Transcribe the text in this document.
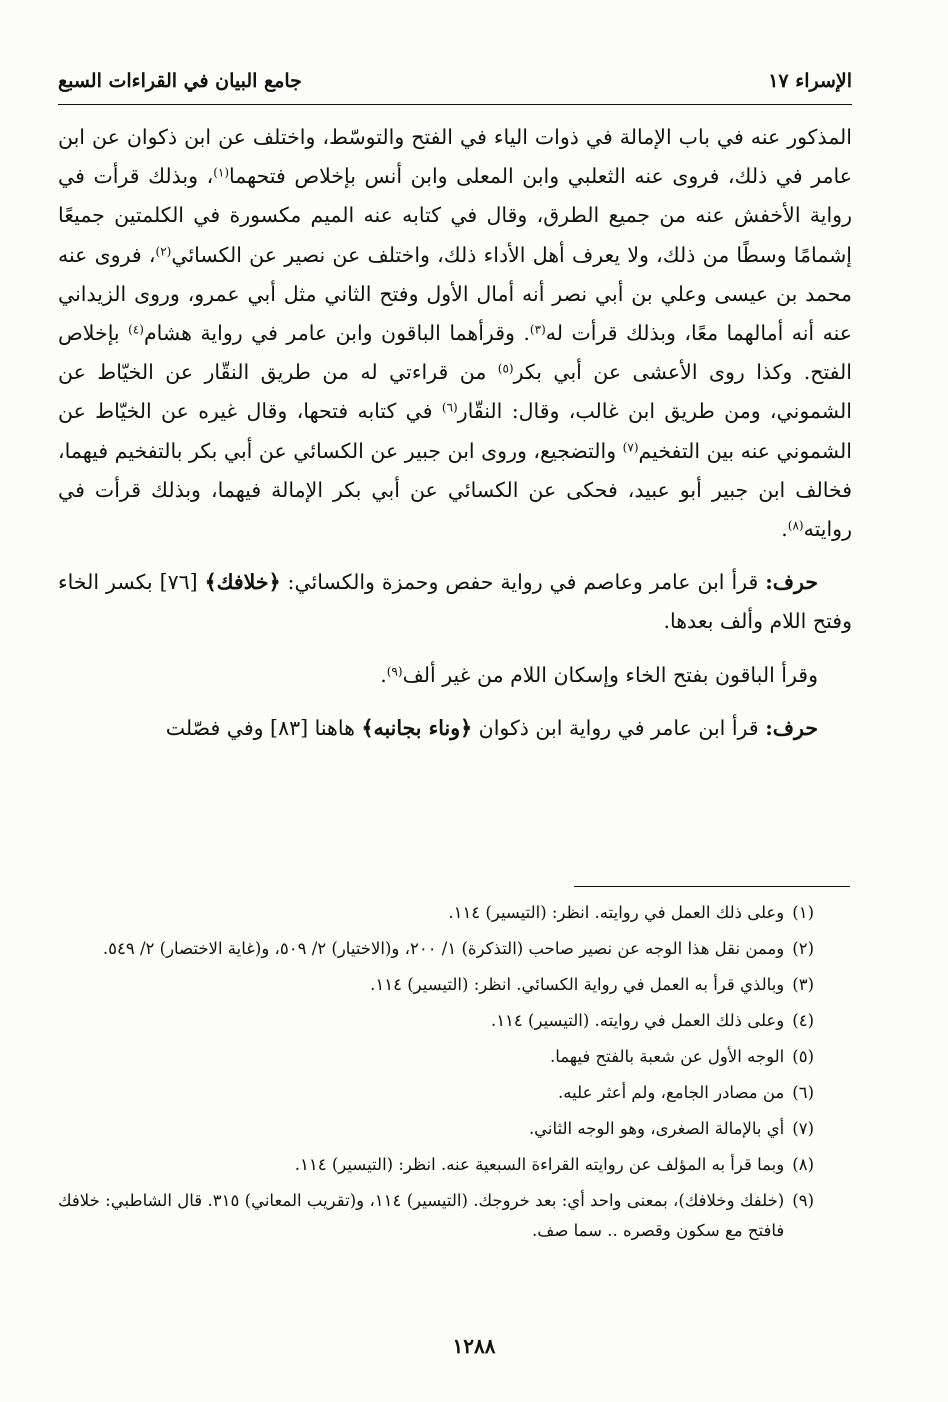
الإسراء ١٧
جامع البيان في القراءات السبع

المذكور عنه في باب الإمالة في ذوات الياء في الفتح والتوسّط، واختلف عن ابن ذكوان عن ابن عامر في ذلك، فروى عنه الثعلبي وابن المعلى وابن أنس بإخلاص فتحهما$^{(١)}$، وبذلك قرأت في رواية الأخفش عنه من جميع الطرق، وقال في كتابه عنه الميم مكسورة في الكلمتين جميعًا إشمامًا وسطًا من ذلك، ولا يعرف أهل الأداء ذلك، واختلف عن نصير عن الكسائي$^{(٢)}$، فروى عنه محمد بن عيسى وعلي بن أبي نصر أنه أمال الأول وفتح الثاني مثل أبي عمرو، وروى الزيداني عنه أنه أمالهما معًا، وبذلك قرأت له$^{(٣)}$. وقرأهما الباقون وابن عامر في رواية هشام$^{(٤)}$ بإخلاص الفتح. وكذا روى الأعشى عن أبي بكر$^{(٥)}$ من قراءتي له من طريق النقّار عن الخيّاط عن الشموني، ومن طريق ابن غالب، وقال: النقّار$^{(٦)}$ في كتابه فتحها، وقال غيره عن الخيّاط عن الشموني عنه بين التفخيم$^{(٧)}$ والتضجيع، وروى ابن جبير عن الكسائي عن أبي بكر بالتفخيم فيهما، فخالف ابن جبير أبو عبيد، فحكى عن الكسائي عن أبي بكر الإمالة فيهما، وبذلك قرأت في روايته$^{(٨)}$.

حرف: قرأ ابن عامر وعاصم في رواية حفص وحمزة والكسائي: ﴿خلافك﴾ [٧٦] بكسر الخاء وفتح اللام وألف بعدها.

وقرأ الباقون بفتح الخاء وإسكان اللام من غير ألف$^{(٩)}$.

حرف: قرأ ابن عامر في رواية ابن ذكوان ﴿وناء بجانبه﴾ هاهنا [٨٣] وفي فصّلت

(١)
وعلى ذلك العمل في روايته. انظر: (التيسير) ١١٤.
(٢)
وممن نقل هذا الوجه عن نصير صاحب (التذكرة) ١/ ٢٠٠، و(الاختيار) ٢/ ٥٠٩، و(غاية الاختصار) ٢/ ٥٤٩.
(٣)
وبالذي قرأ به العمل في رواية الكسائي. انظر: (التيسير) ١١٤.
(٤)
وعلى ذلك العمل في روايته. (التيسير) ١١٤.
(٥)
الوجه الأول عن شعبة بالفتح فيهما.
(٦)
من مصادر الجامع، ولم أعثر عليه.
(٧)
أي بالإمالة الصغرى، وهو الوجه الثاني.
(٨)
وبما قرأ به المؤلف عن روايته القراءة السبعية عنه. انظر: (التيسير) ١١٤.
(٩)
(خلفك وخلافك)، بمعنى واحد أي: بعد خروجك. (التيسير) ١١٤، و(تقريب المعاني) ٣١٥. قال الشاطبي: خلافك فافتح مع سكون وقصره .. سما صف.
١٢٨٨
